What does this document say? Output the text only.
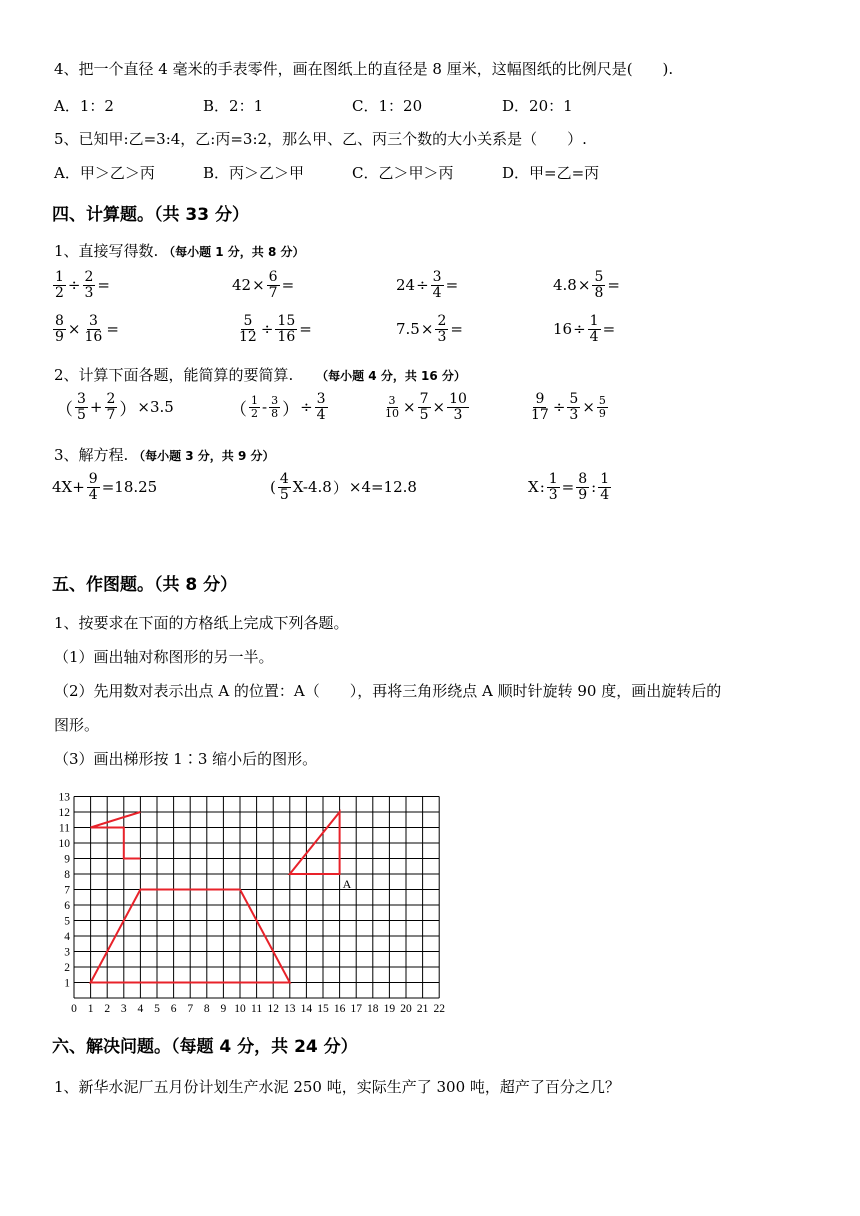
4、把一个直径 4 毫米的手表零件，画在图纸上的直径是 8 厘米，这幅图纸的比例尺是(　　).
A．1：2	B．2：1	C．1：20	D．20：1
5、已知甲:乙=3:4，乙:丙=3:2，那么甲、乙、丙三个数的大小关系是（　　）.
A．甲＞乙＞丙	B．丙＞乙＞甲	C．乙＞甲＞丙	D．甲=乙=丙
四、计算题。（共 33 分）
1、直接写得数. （每小题 1 分，共 8 分）
$\frac{1}{2} \div \frac{2}{3}$ =	$42 \times \frac{6}{7}$ =	$24 \div \frac{3}{4}$ =	$4.8 \times \frac{5}{8}$ =
$\frac{8}{9} \times \frac{3}{16}$ =	$\frac{5}{12} \div \frac{15}{16}$ =	$7.5 \times \frac{2}{3}$ =	$16 \div \frac{1}{4}$ =
2、计算下面各题，能简算的要简算. （每小题 4 分，共 16 分）
（ $\frac{3}{5} + \frac{2}{7}$ ） ×3.5	（ $\frac{1}{2} - \frac{3}{8}$ ） ÷ $\frac{3}{4}$	$\frac{3}{10} \times \frac{7}{5} \times \frac{10}{3}$	$\frac{9}{17} \div \frac{5}{3} \times \frac{5}{9}$
3、解方程. （每小题 3 分，共 9 分）
$4X+ \frac{9}{4} =18.25$	( $\frac{4}{5} X-4.8$ ） ×4=12.8	X : $\frac{1}{3} = \frac{8}{9}$ : $\frac{1}{4}$
五、作图题。（共 8 分）
1、按要求在下面的方格纸上完成下列各题。
（1）画出轴对称图形的另一半。
（2）先用数对表示出点 A 的位置：A（　　），再将三角形绕点 A 顺时针旋转 90 度，画出旋转后的
图形。
（3）画出梯形按 1∶3 缩小后的图形。
0 1 2 3 4 5 6 7 8 9 10 11 12 13 14 15 16 17 18 19 20 21 22
1
2
3
4
5
6
7
8
9
10
11
12
13
A
六、解决问题。（每题 4 分，共 24 分）
1、新华水泥厂五月份计划生产水泥 250 吨，实际生产了 300 吨，超产了百分之几？
